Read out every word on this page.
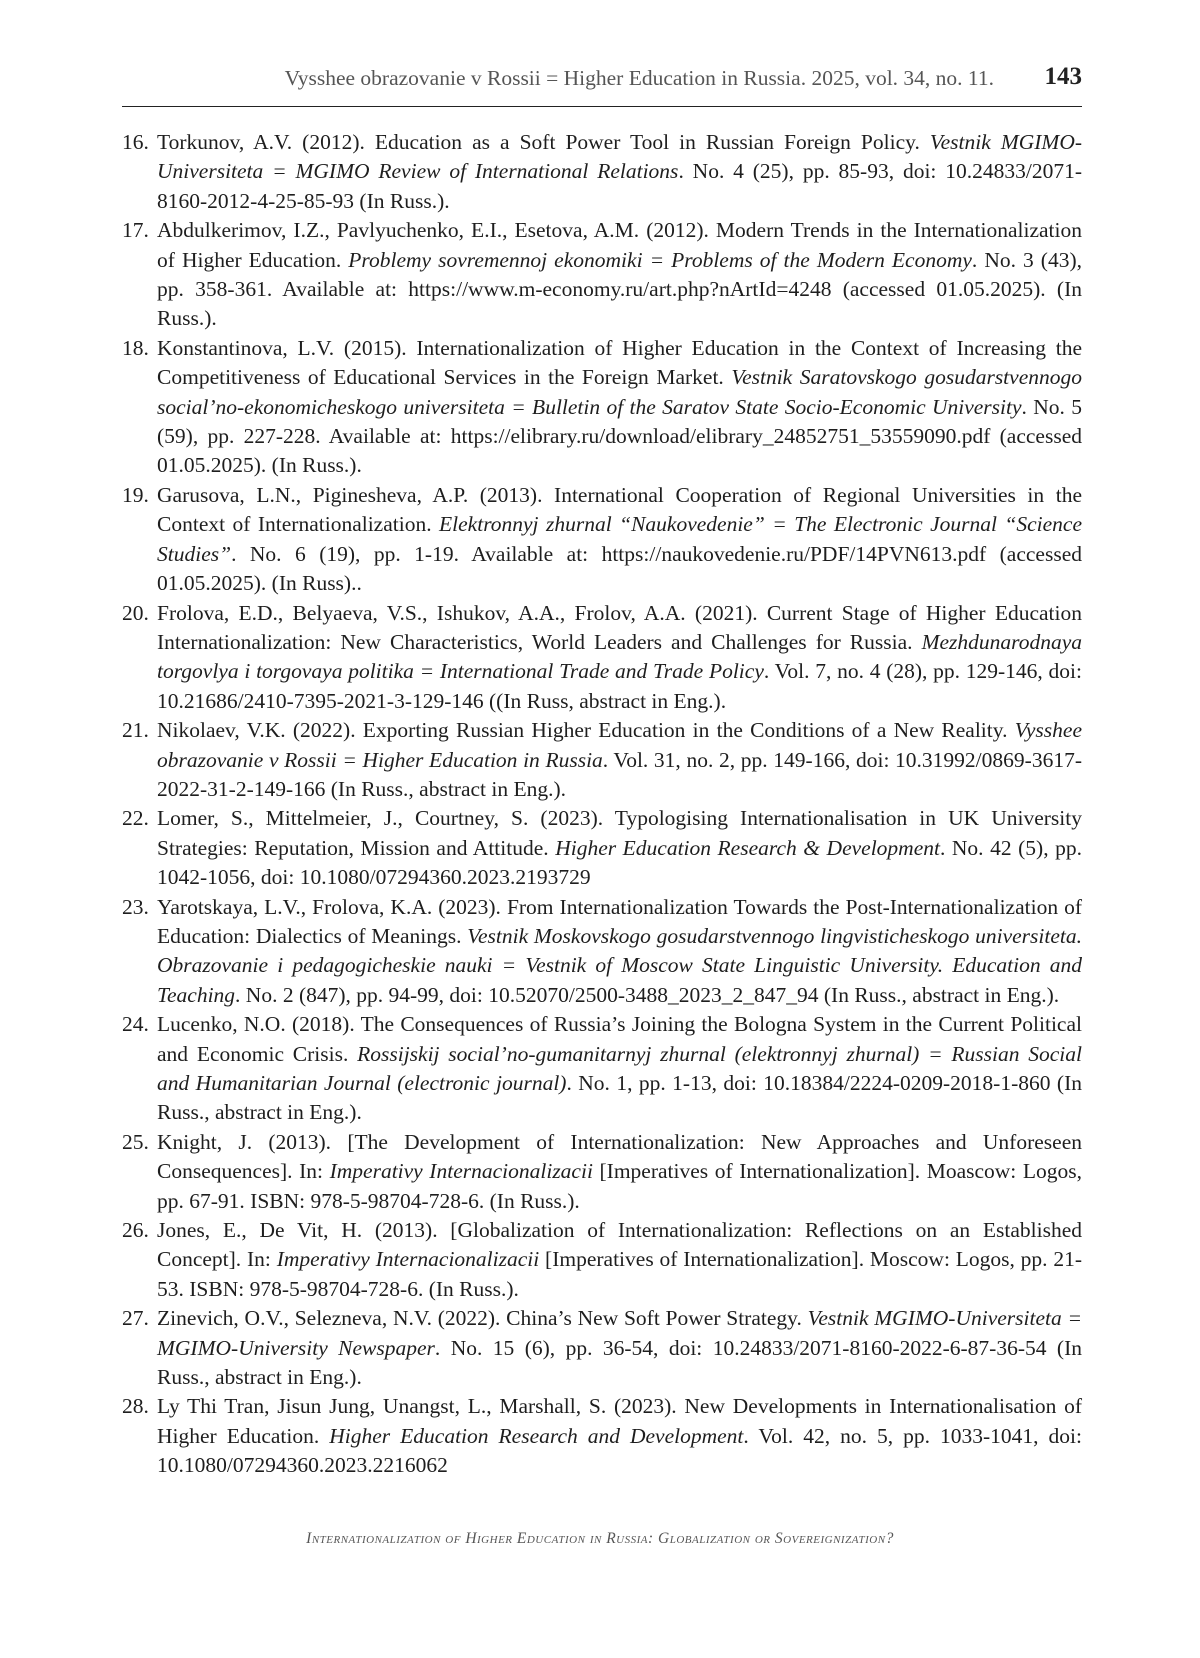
Vysshee obrazovanie v Rossii = Higher Education in Russia. 2025, vol. 34, no. 11. 143
16. Torkunov, A.V. (2012). Education as a Soft Power Tool in Russian Foreign Policy. Vestnik MGIMO-Universiteta = MGIMO Review of International Relations. No. 4 (25), pp. 85-93, doi: 10.24833/2071-8160-2012-4-25-85-93 (In Russ.).
17. Abdulkerimov, I.Z., Pavlyuchenko, E.I., Esetova, A.M. (2012). Modern Trends in the Internationalization of Higher Education. Problemy sovremennoj ekonomiki = Problems of the Modern Economy. No. 3 (43), pp. 358-361. Available at: https://www.m-economy.ru/art.php?nArtId=4248 (accessed 01.05.2025). (In Russ.).
18. Konstantinova, L.V. (2015). Internationalization of Higher Education in the Context of Increasing the Competitiveness of Educational Services in the Foreign Market. Vestnik Saratovskogo gosudarstvennogo social’no-ekonomicheskogo universiteta = Bulletin of the Saratov State Socio-Economic University. No. 5 (59), pp. 227-228. Available at: https://elibrary.ru/download/elibrary_24852751_53559090.pdf (accessed 01.05.2025). (In Russ.).
19. Garusova, L.N., Piginesheva, A.P. (2013). International Cooperation of Regional Universities in the Context of Internationalization. Elektronnyj zhurnal “Naukovedenie” = The Electronic Journal “Science Studies”. No. 6 (19), pp. 1-19. Available at: https://naukovedenie.ru/PDF/14PVN613.pdf (accessed 01.05.2025). (In Russ)..
20. Frolova, E.D., Belyaeva, V.S., Ishukov, A.A., Frolov, A.A. (2021). Current Stage of Higher Education Internationalization: New Characteristics, World Leaders and Challenges for Russia. Mezhdunarodnaya torgovlya i torgovaya politika = International Trade and Trade Policy. Vol. 7, no. 4 (28), pp. 129-146, doi: 10.21686/2410-7395-2021-3-129-146 ((In Russ, abstract in Eng.).
21. Nikolaev, V.K. (2022). Exporting Russian Higher Education in the Conditions of a New Reality. Vysshee obrazovanie v Rossii = Higher Education in Russia. Vol. 31, no. 2, pp. 149-166, doi: 10.31992/0869-3617-2022-31-2-149-166 (In Russ., abstract in Eng.).
22. Lomer, S., Mittelmeier, J., Courtney, S. (2023). Typologising Internationalisation in UK University Strategies: Reputation, Mission and Attitude. Higher Education Research & Development. No. 42 (5), pp. 1042-1056, doi: 10.1080/07294360.2023.2193729
23. Yarotskaya, L.V., Frolova, K.A. (2023). From Internationalization Towards the Post-Internationalization of Education: Dialectics of Meanings. Vestnik Moskovskogo gosudarstvennogo lingvisticheskogo universiteta. Obrazovanie i pedagogicheskie nauki = Vestnik of Moscow State Linguistic University. Education and Teaching. No. 2 (847), pp. 94-99, doi: 10.52070/2500-3488_2023_2_847_94 (In Russ., abstract in Eng.).
24. Lucenko, N.O. (2018). The Consequences of Russia’s Joining the Bologna System in the Current Political and Economic Crisis. Rossijskij social’no-gumanitarnyj zhurnal (elektronnyj zhurnal) = Russian Social and Humanitarian Journal (electronic journal). No. 1, pp. 1-13, doi: 10.18384/2224-0209-2018-1-860 (In Russ., abstract in Eng.).
25. Knight, J. (2013). [The Development of Internationalization: New Approaches and Unforeseen Consequences]. In: Imperativy Internacionalizacii [Imperatives of Internationalization]. Moascow: Logos, pp. 67-91. ISBN: 978-5-98704-728-6. (In Russ.).
26. Jones, E., De Vit, H. (2013). [Globalization of Internationalization: Reflections on an Established Concept]. In: Imperativy Internacionalizacii [Imperatives of Internationalization]. Moscow: Logos, pp. 21-53. ISBN: 978-5-98704-728-6. (In Russ.).
27. Zinevich, O.V., Selezneva, N.V. (2022). China’s New Soft Power Strategy. Vestnik MGIMO-Universiteta = MGIMO-University Newspaper. No. 15 (6), pp. 36-54, doi: 10.24833/2071-8160-2022-6-87-36-54 (In Russ., abstract in Eng.).
28. Ly Thi Tran, Jisun Jung, Unangst, L., Marshall, S. (2023). New Developments in Internationalisation of Higher Education. Higher Education Research and Development. Vol. 42, no. 5, pp. 1033-1041, doi: 10.1080/07294360.2023.2216062
Internationalization of Higher Education in Russia: Globalization or Sovereignization?
